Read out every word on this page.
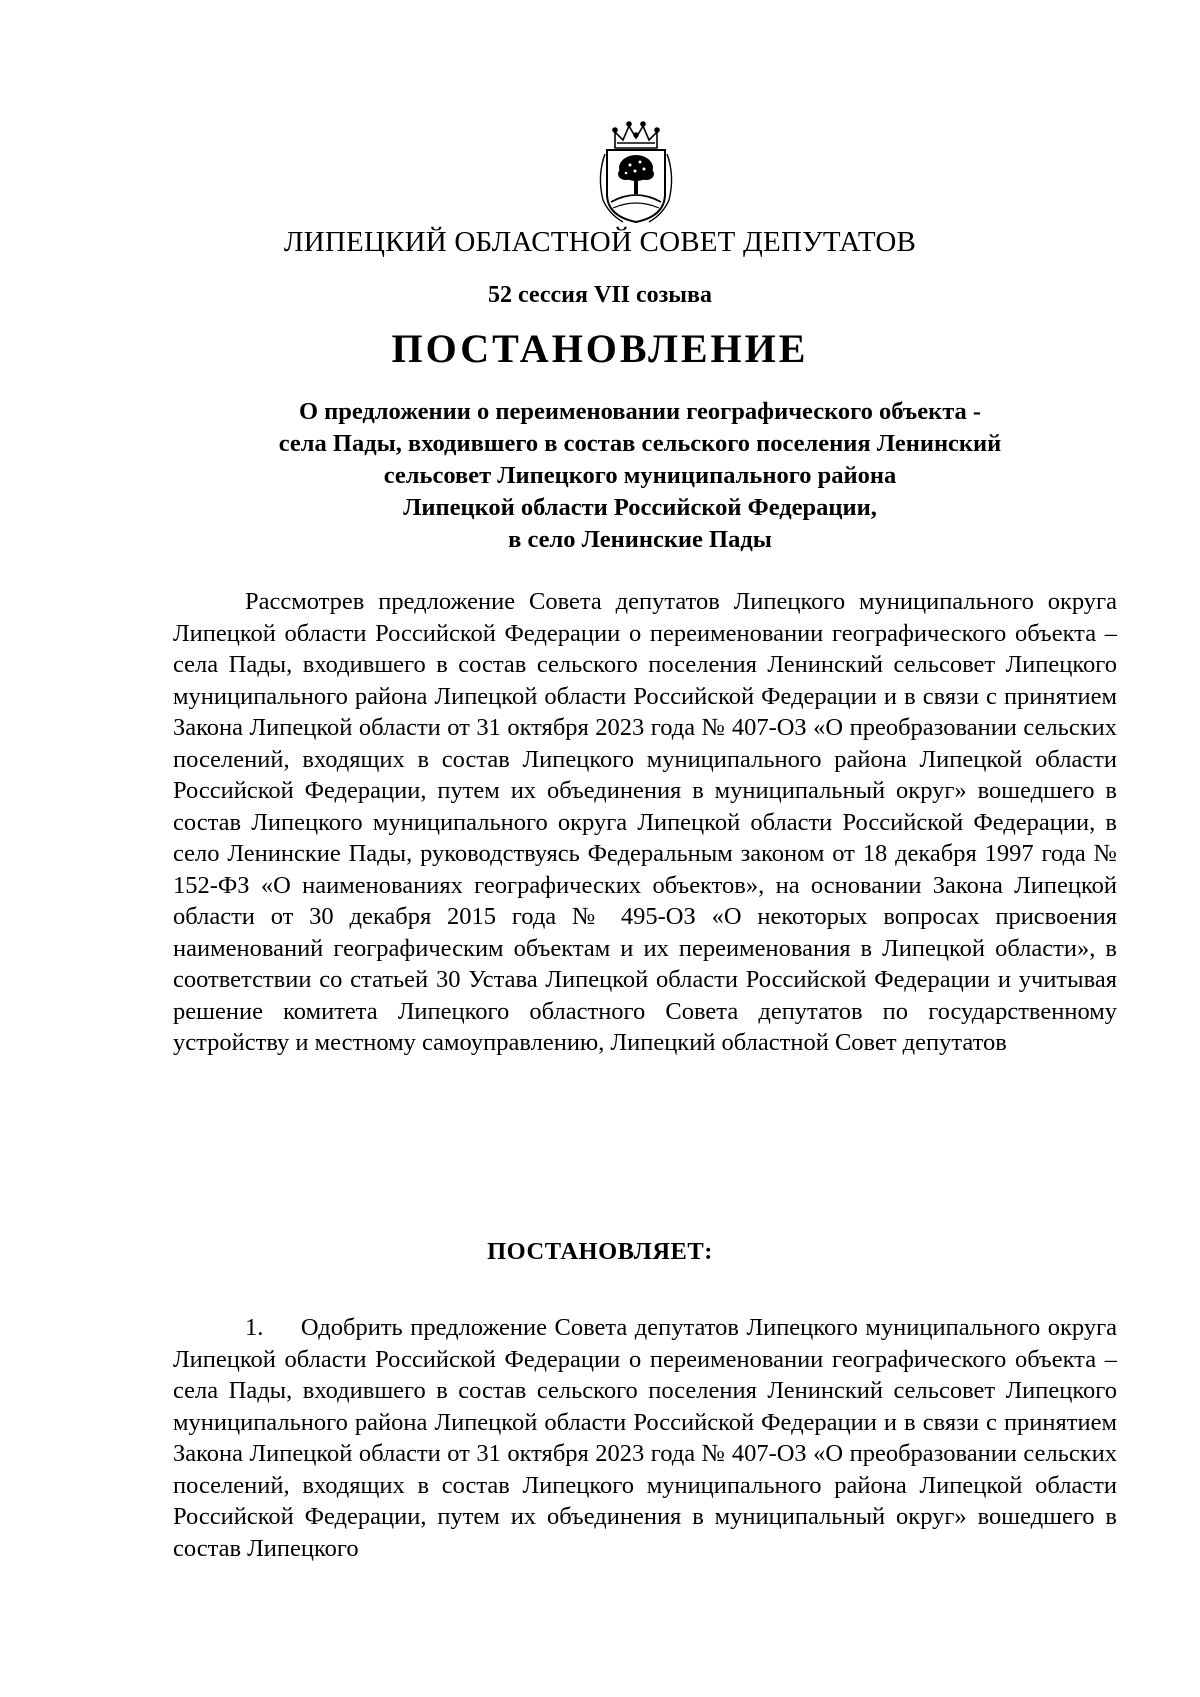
ЛИПЕЦКИЙ ОБЛАСТНОЙ СОВЕТ ДЕПУТАТОВ
52 сессия VII созыва
ПОСТАНОВЛЕНИЕ
О предложении о переименовании географического объекта -
села Пады, входившего в состав сельского поселения Ленинский
сельсовет Липецкого муниципального района
Липецкой области Российской Федерации,
в село Ленинские Пады
Рассмотрев предложение Совета депутатов Липецкого муниципального округа Липецкой области Российской Федерации о переименовании географического объекта – села Пады, входившего в состав сельского поселения Ленинский сельсовет Липецкого муниципального района Липецкой области Российской Федерации и в связи с принятием Закона Липецкой области от 31 октября 2023 года № 407-ОЗ «О преобразовании сельских поселений, входящих в состав Липецкого муниципального района Липецкой области Российской Федерации, путем их объединения в муниципальный округ» вошедшего в состав Липецкого муниципального округа Липецкой области Российской Федерации, в село Ленинские Пады, руководствуясь Федеральным законом от 18 декабря 1997 года № 152-ФЗ «О наименованиях географических объектов», на основании Закона Липецкой области от 30 декабря 2015 года № 495-ОЗ «О некоторых вопросах присвоения наименований географическим объектам и их переименования в Липецкой области», в соответствии со статьей 30 Устава Липецкой области Российской Федерации и учитывая решение комитета Липецкого областного Совета депутатов по государственному устройству и местному самоуправлению, Липецкий областной Совет депутатов
ПОСТАНОВЛЯЕТ:
1. Одобрить предложение Совета депутатов Липецкого муниципального округа Липецкой области Российской Федерации о переименовании географического объекта – села Пады, входившего в состав сельского поселения Ленинский сельсовет Липецкого муниципального района Липецкой области Российской Федерации и в связи с принятием Закона Липецкой области от 31 октября 2023 года № 407-ОЗ «О преобразовании сельских поселений, входящих в состав Липецкого муниципального района Липецкой области Российской Федерации, путем их объединения в муниципальный округ» вошедшего в состав Липецкого
